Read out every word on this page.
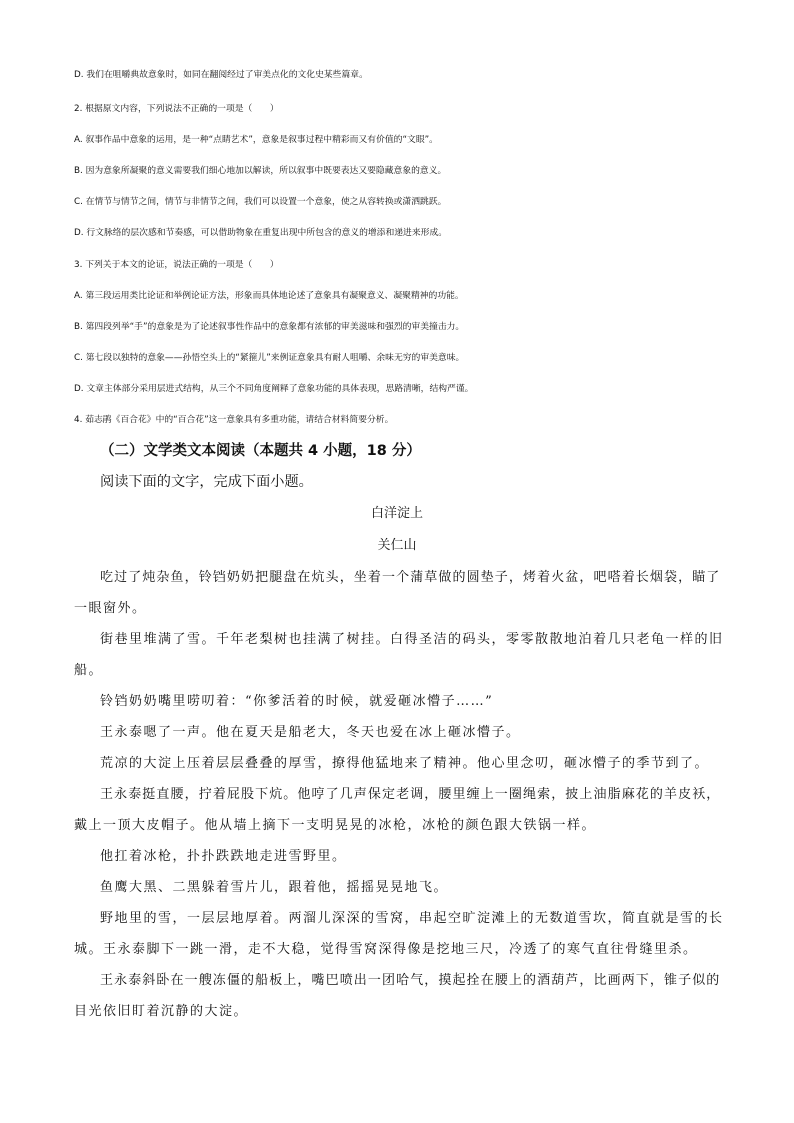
D. 我们在咀嚼典故意象时，如同在翻阅经过了审美点化的文化史某些篇章。
2. 根据原文内容，下列说法不正确的一项是（　　）
A. 叙事作品中意象的运用，是一种“点睛艺术”，意象是叙事过程中精彩而又有价值的“文眼”。
B. 因为意象所凝聚的意义需要我们细心地加以解读，所以叙事中既要表达又要隐藏意象的意义。
C. 在情节与情节之间，情节与非情节之间，我们可以设置一个意象，使之从容转换或潇洒跳跃。
D. 行文脉络的层次感和节奏感，可以借助物象在重复出现中所包含的意义的增添和递进来形成。
3. 下列关于本文的论证，说法正确的一项是（　　）
A. 第三段运用类比论证和举例论证方法，形象而具体地论述了意象具有凝聚意义、凝聚精神的功能。
B. 第四段列举“手”的意象是为了论述叙事性作品中的意象都有浓郁的审美滋味和强烈的审美撞击力。
C. 第七段以独特的意象——孙悟空头上的“紧箍儿”来例证意象具有耐人咀嚼、余味无穷的审美意味。
D. 文章主体部分采用层进式结构，从三个不同角度阐释了意象功能的具体表现，思路清晰，结构严谨。
4. 茹志鹃《百合花》中的“百合花”这一意象具有多重功能，请结合材料简要分析。
（二）文学类文本阅读（本题共 4 小题，18 分）
阅读下面的文字，完成下面小题。
白洋淀上
关仁山
吃过了炖杂鱼，铃铛奶奶把腿盘在炕头，坐着一个蒲草做的圆垫子，烤着火盆，吧嗒着长烟袋，瞄了
一眼窗外。
街巷里堆满了雪。千年老梨树也挂满了树挂。白得圣洁的码头，零零散散地泊着几只老龟一样的旧
船。
铃铛奶奶嘴里唠叨着：“你爹活着的时候，就爱砸冰懵子……”
王永泰嗯了一声。他在夏天是船老大，冬天也爱在冰上砸冰懵子。
荒凉的大淀上压着层层叠叠的厚雪，撩得他猛地来了精神。他心里念叨，砸冰懵子的季节到了。
王永泰挺直腰，拧着屁股下炕。他哼了几声保定老调，腰里缠上一圈绳索，披上油脂麻花的羊皮袄，
戴上一顶大皮帽子。他从墙上摘下一支明晃晃的冰枪，冰枪的颜色跟大铁锅一样。
他扛着冰枪，扑扑跌跌地走进雪野里。
鱼鹰大黑、二黑躲着雪片儿，跟着他，摇摇晃晃地飞。
野地里的雪，一层层地厚着。两溜儿深深的雪窝，串起空旷淀滩上的无数道雪坎，简直就是雪的长
城。王永泰脚下一跳一滑，走不大稳，觉得雪窝深得像是挖地三尺，冷透了的寒气直往骨缝里杀。
王永泰斜卧在一艘冻僵的船板上，嘴巴喷出一团哈气，摸起拴在腰上的酒葫芦，比画两下，锥子似的
目光依旧盯着沉静的大淀。
